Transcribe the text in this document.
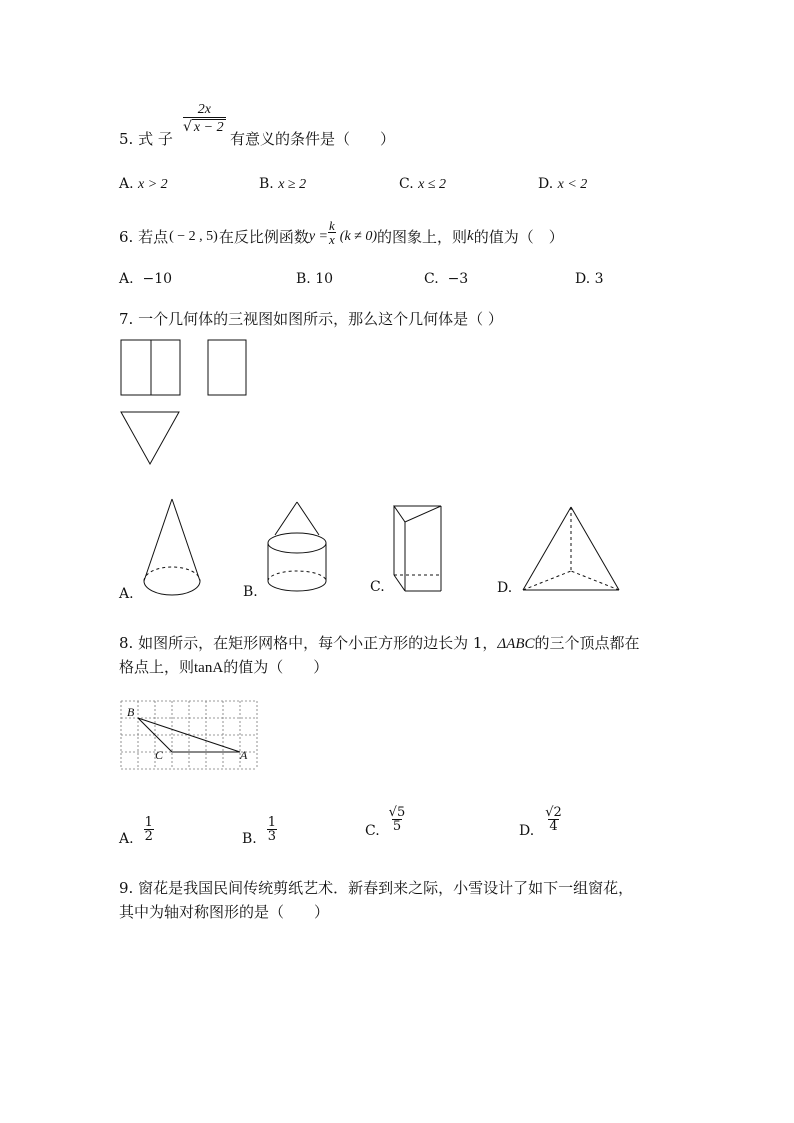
5. 式 子
2x
√ x − 2
有意义的条件是（　　）
A. x > 2	B. x ≥ 2	C. x ≤ 2	D. x < 2
6. 若点 ( − 2 , 5) 在反比例函数 $y = \frac{k}{x} (k \ne 0)$ 的图象上，则 k 的值为（　）
A. −10	B. 10	C. −3	D. 3
7. 一个几何体的三视图如图所示，那么这个几何体是（ ）
A.	B.	C.	D.
8. 如图所示，在矩形网格中，每个小正方形的边长为 1，ΔABC的三个顶点都在
格点上，则tanA的值为（　　）
B
C	A
A. $\frac{1}{2}$	B. $\frac{1}{3}$	C. $\frac{√5}{5}$	D. $\frac{√2}{4}$
9. 窗花是我国民间传统剪纸艺术．新春到来之际，小雪设计了如下一组窗花，
其中为轴对称图形的是（　　）
